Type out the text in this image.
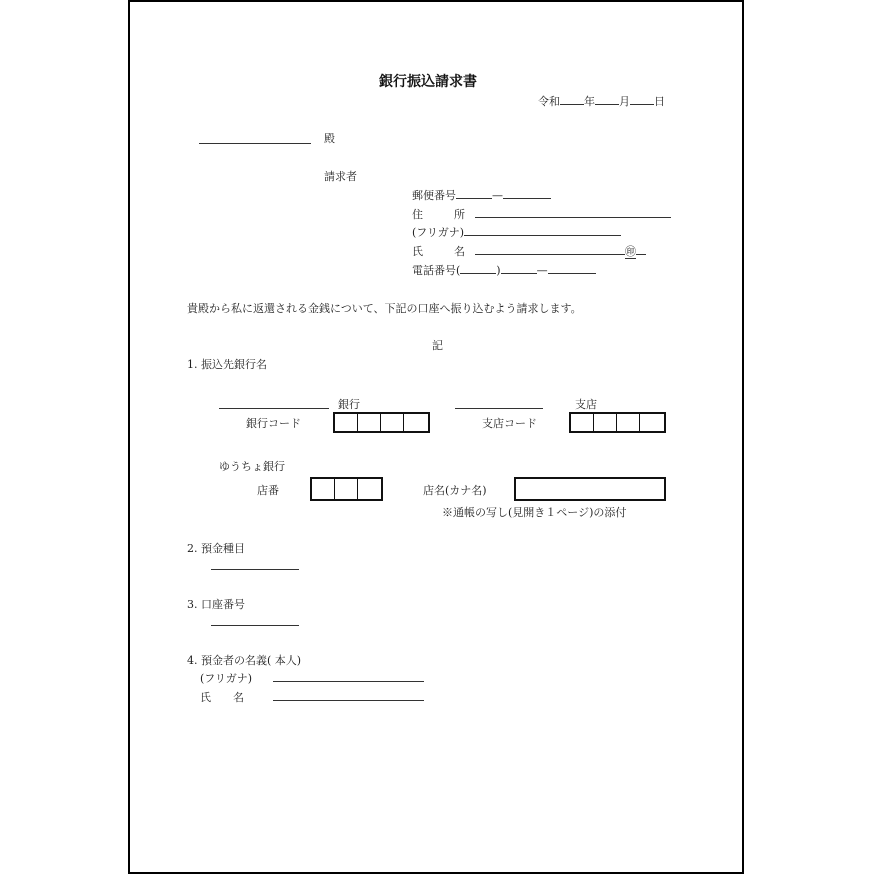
銀行振込請求書
令和 年 月 日
殿
請求者
郵便番号	—
住　所
(フリガナ)
氏　名	㊞
電話番号(	)	—
貴殿から私に返還される金銭について、下記の口座へ振り込むよう請求します。
記
1. 振込先銀行名
銀行	支店
銀行コード	支店コード
ゆうちょ銀行
店番	店名(カナ名)
※通帳の写し(見開き１ページ)の添付
2. 預金種目
3. 口座番号
4. 預金者の名義( 本人)
(フリガナ)
氏　　名
